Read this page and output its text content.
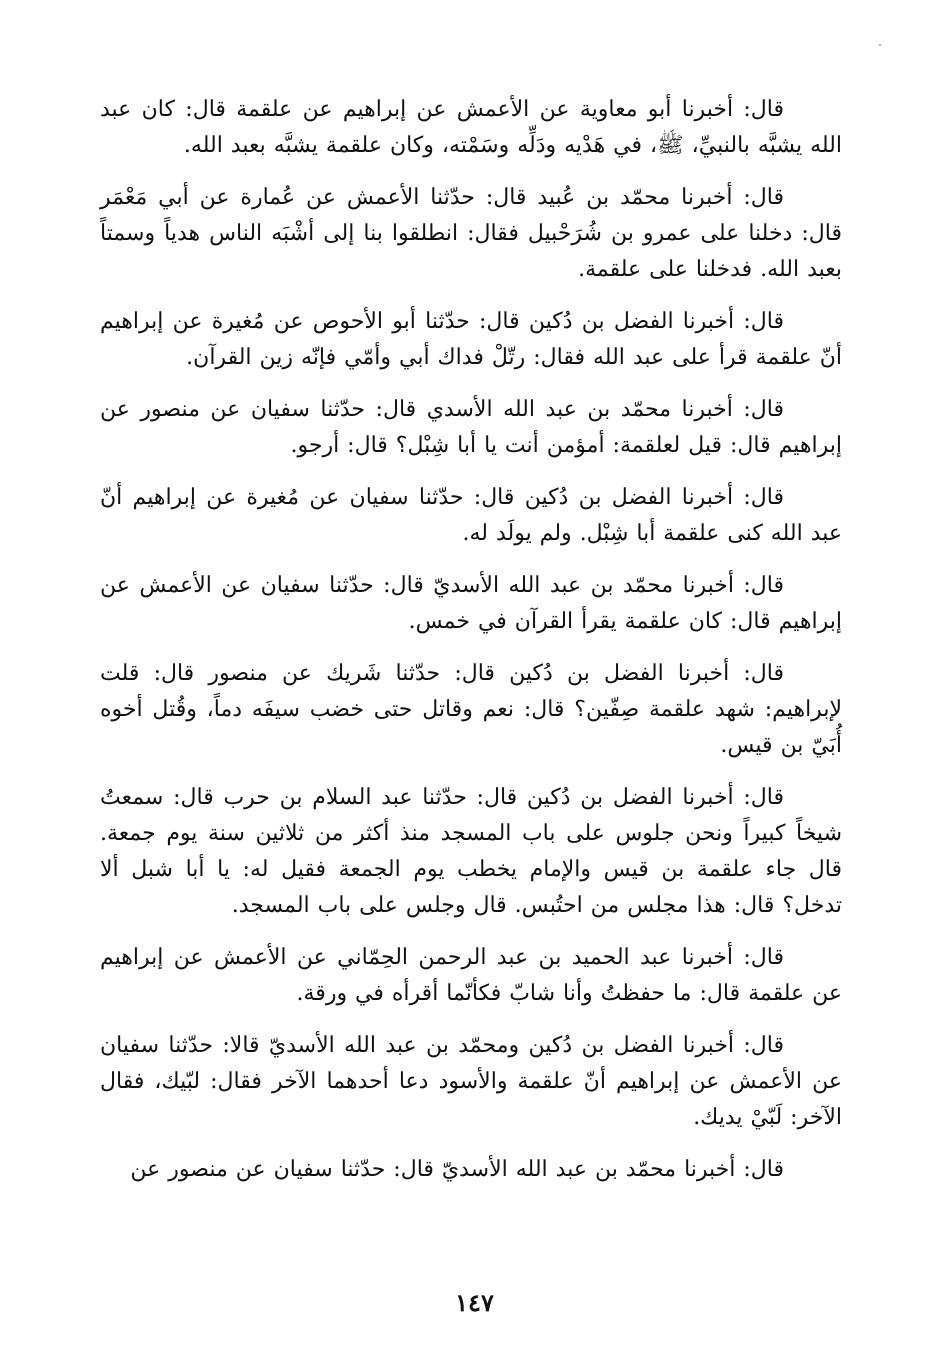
قال: أخبرنا أبو معاوية عن الأعمش عن إبراهيم عن علقمة قال: كان عبد الله يشبَّه بالنبيِّ، ﷺ، في هَدْيه ودَلِّه وسَمْته، وكان علقمة يشبَّه بعبد الله.

قال: أخبرنا محمّد بن عُبيد قال: حدّثنا الأعمش عن عُمارة عن أبي مَعْمَر قال: دخلنا على عمرو بن شُرَحْبيل فقال: انطلقوا بنا إلى أشْبَه الناس هدياً وسمتاً بعبد الله. فدخلنا على علقمة.

قال: أخبرنا الفضل بن دُكين قال: حدّثنا أبو الأحوص عن مُغيرة عن إبراهيم أنّ علقمة قرأ على عبد الله فقال: رتّلْ فداك أبي وأمّي فإنّه زين القرآن.

قال: أخبرنا محمّد بن عبد الله الأسدي قال: حدّثنا سفيان عن منصور عن إبراهيم قال: قيل لعلقمة: أمؤمن أنت يا أبا شِبْل؟ قال: أرجو.

قال: أخبرنا الفضل بن دُكين قال: حدّثنا سفيان عن مُغيرة عن إبراهيم أنّ عبد الله كنى علقمة أبا شِبْل. ولم يولَد له.

قال: أخبرنا محمّد بن عبد الله الأسديّ قال: حدّثنا سفيان عن الأعمش عن إبراهيم قال: كان علقمة يقرأ القرآن في خمس.

قال: أخبرنا الفضل بن دُكين قال: حدّثنا شَريك عن منصور قال: قلت لإبراهيم: شهد علقمة صِفّين؟ قال: نعم وقاتل حتى خضب سيفَه دماً، وقُتل أخوه أُبَيّ بن قيس.

قال: أخبرنا الفضل بن دُكين قال: حدّثنا عبد السلام بن حرب قال: سمعتُ شيخاً كبيراً ونحن جلوس على باب المسجد منذ أكثر من ثلاثين سنة يوم جمعة. قال جاء علقمة بن قيس والإمام يخطب يوم الجمعة فقيل له: يا أبا شبل ألا تدخل؟ قال: هذا مجلس من احتُبس. قال وجلس على باب المسجد.

قال: أخبرنا عبد الحميد بن عبد الرحمن الحِمّاني عن الأعمش عن إبراهيم عن علقمة قال: ما حفظتُ وأنا شابّ فكأنّما أقرأه في ورقة.

قال: أخبرنا الفضل بن دُكين ومحمّد بن عبد الله الأسديّ قالا: حدّثنا سفيان عن الأعمش عن إبراهيم أنّ علقمة والأسود دعا أحدهما الآخر فقال: لبّيك، فقال الآخر: لَبّيْ يديك.

قال: أخبرنا محمّد بن عبد الله الأسديّ قال: حدّثنا سفيان عن منصور عن

١٤٧
